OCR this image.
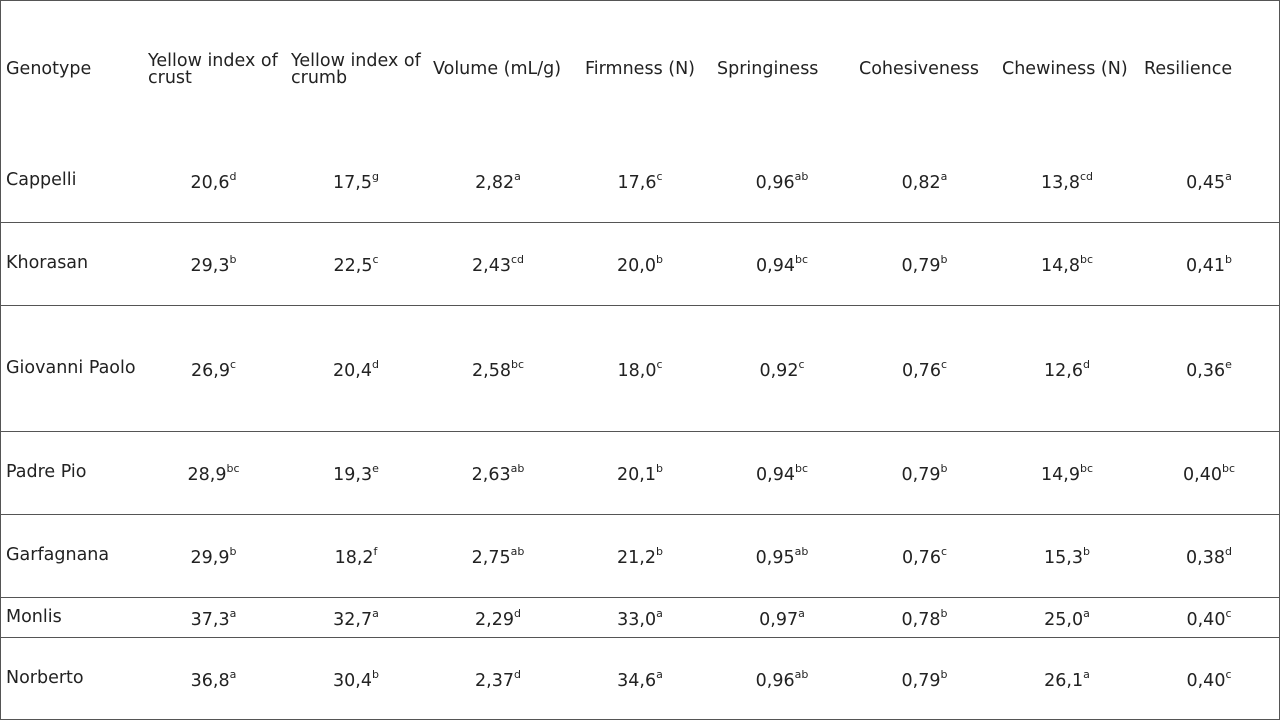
Genotype	Yellow index of crust	Yellow index of crumb	Volume (mL/g)	Firmness (N)	Springiness	Cohesiveness	Chewiness (N)	Resilience
Cappelli	20,6$^d$	17,5$^g$	2,82$^a$	17,6$^c$	0,96$^{ab}$	0,82$^a$	13,8$^{cd}$	0,45$^a$
Khorasan	29,3$^b$	22,5$^c$	2,43$^{cd}$	20,0$^b$	0,94$^{bc}$	0,79$^b$	14,8$^{bc}$	0,41$^b$
Giovanni Paolo	26,9$^c$	20,4$^d$	2,58$^{bc}$	18,0$^c$	0,92$^c$	0,76$^c$	12,6$^d$	0,36e
Padre Pio	28,9$^{bc}$	19,3e	2,63$^{ab}$	20,1$^b$	0,94$^{bc}$	0,79$^b$	14,9$^{bc}$	0,40$^{bc}$
Garfagnana	29,9$^b$	18,2$^f$	2,75$^{ab}$	21,2$^b$	0,95$^{ab}$	0,76$^c$	15,3$^b$	0,38$^d$
Monlis	37,3$^a$	32,7$^a$	2,29$^d$	33,0$^a$	0,97$^a$	0,78$^b$	25,0$^a$	0,40$^c$
Norberto	36,8$^a$	30,4$^b$	2,37$^d$	34,6$^a$	0,96$^{ab}$	0,79$^b$	26,1$^a$	0,40$^c$
